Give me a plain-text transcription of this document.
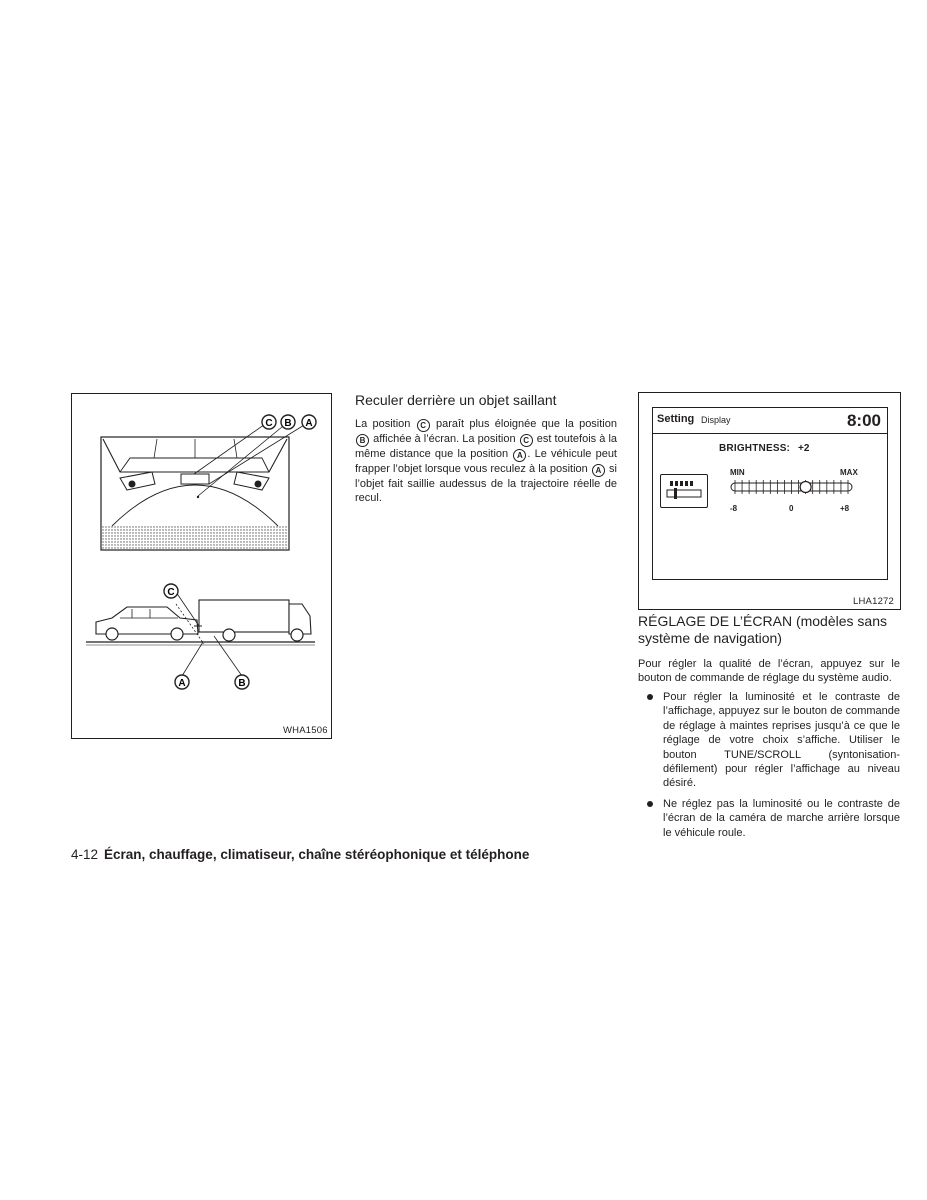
C B A
C
A	B
WHA1506
Reculer derrière un objet saillant

La position C paraît plus éloignée que la position B affichée à l’écran. La position C est toutefois à la même distance que la position A . Le véhicule peut frapper l’objet lorsque vous reculez à la position A si l’objet fait saillie audessus de la trajectoire réelle de recul.

Setting Display	8:00
BRIGHTNESS: +2
MIN	MAX
-8	0	+8
LHA1272
RÉGLAGE DE L’ÉCRAN (modèles sans système de navigation)

Pour régler la qualité de l’écran, appuyez sur le bouton de commande de réglage du système audio.

Pour régler la luminosité et le contraste de l’affichage, appuyez sur le bouton de commande de réglage à maintes reprises jusqu’à ce que le réglage de votre choix s’affiche. Utiliser le bouton TUNE/SCROLL (syntonisation-défilement) pour régler l’affichage au niveau désiré.
Ne réglez pas la luminosité ou le contraste de l’écran de la caméra de marche arrière lorsque le véhicule roule.
4-12 Écran, chauffage, climatiseur, chaîne stéréophonique et téléphone
